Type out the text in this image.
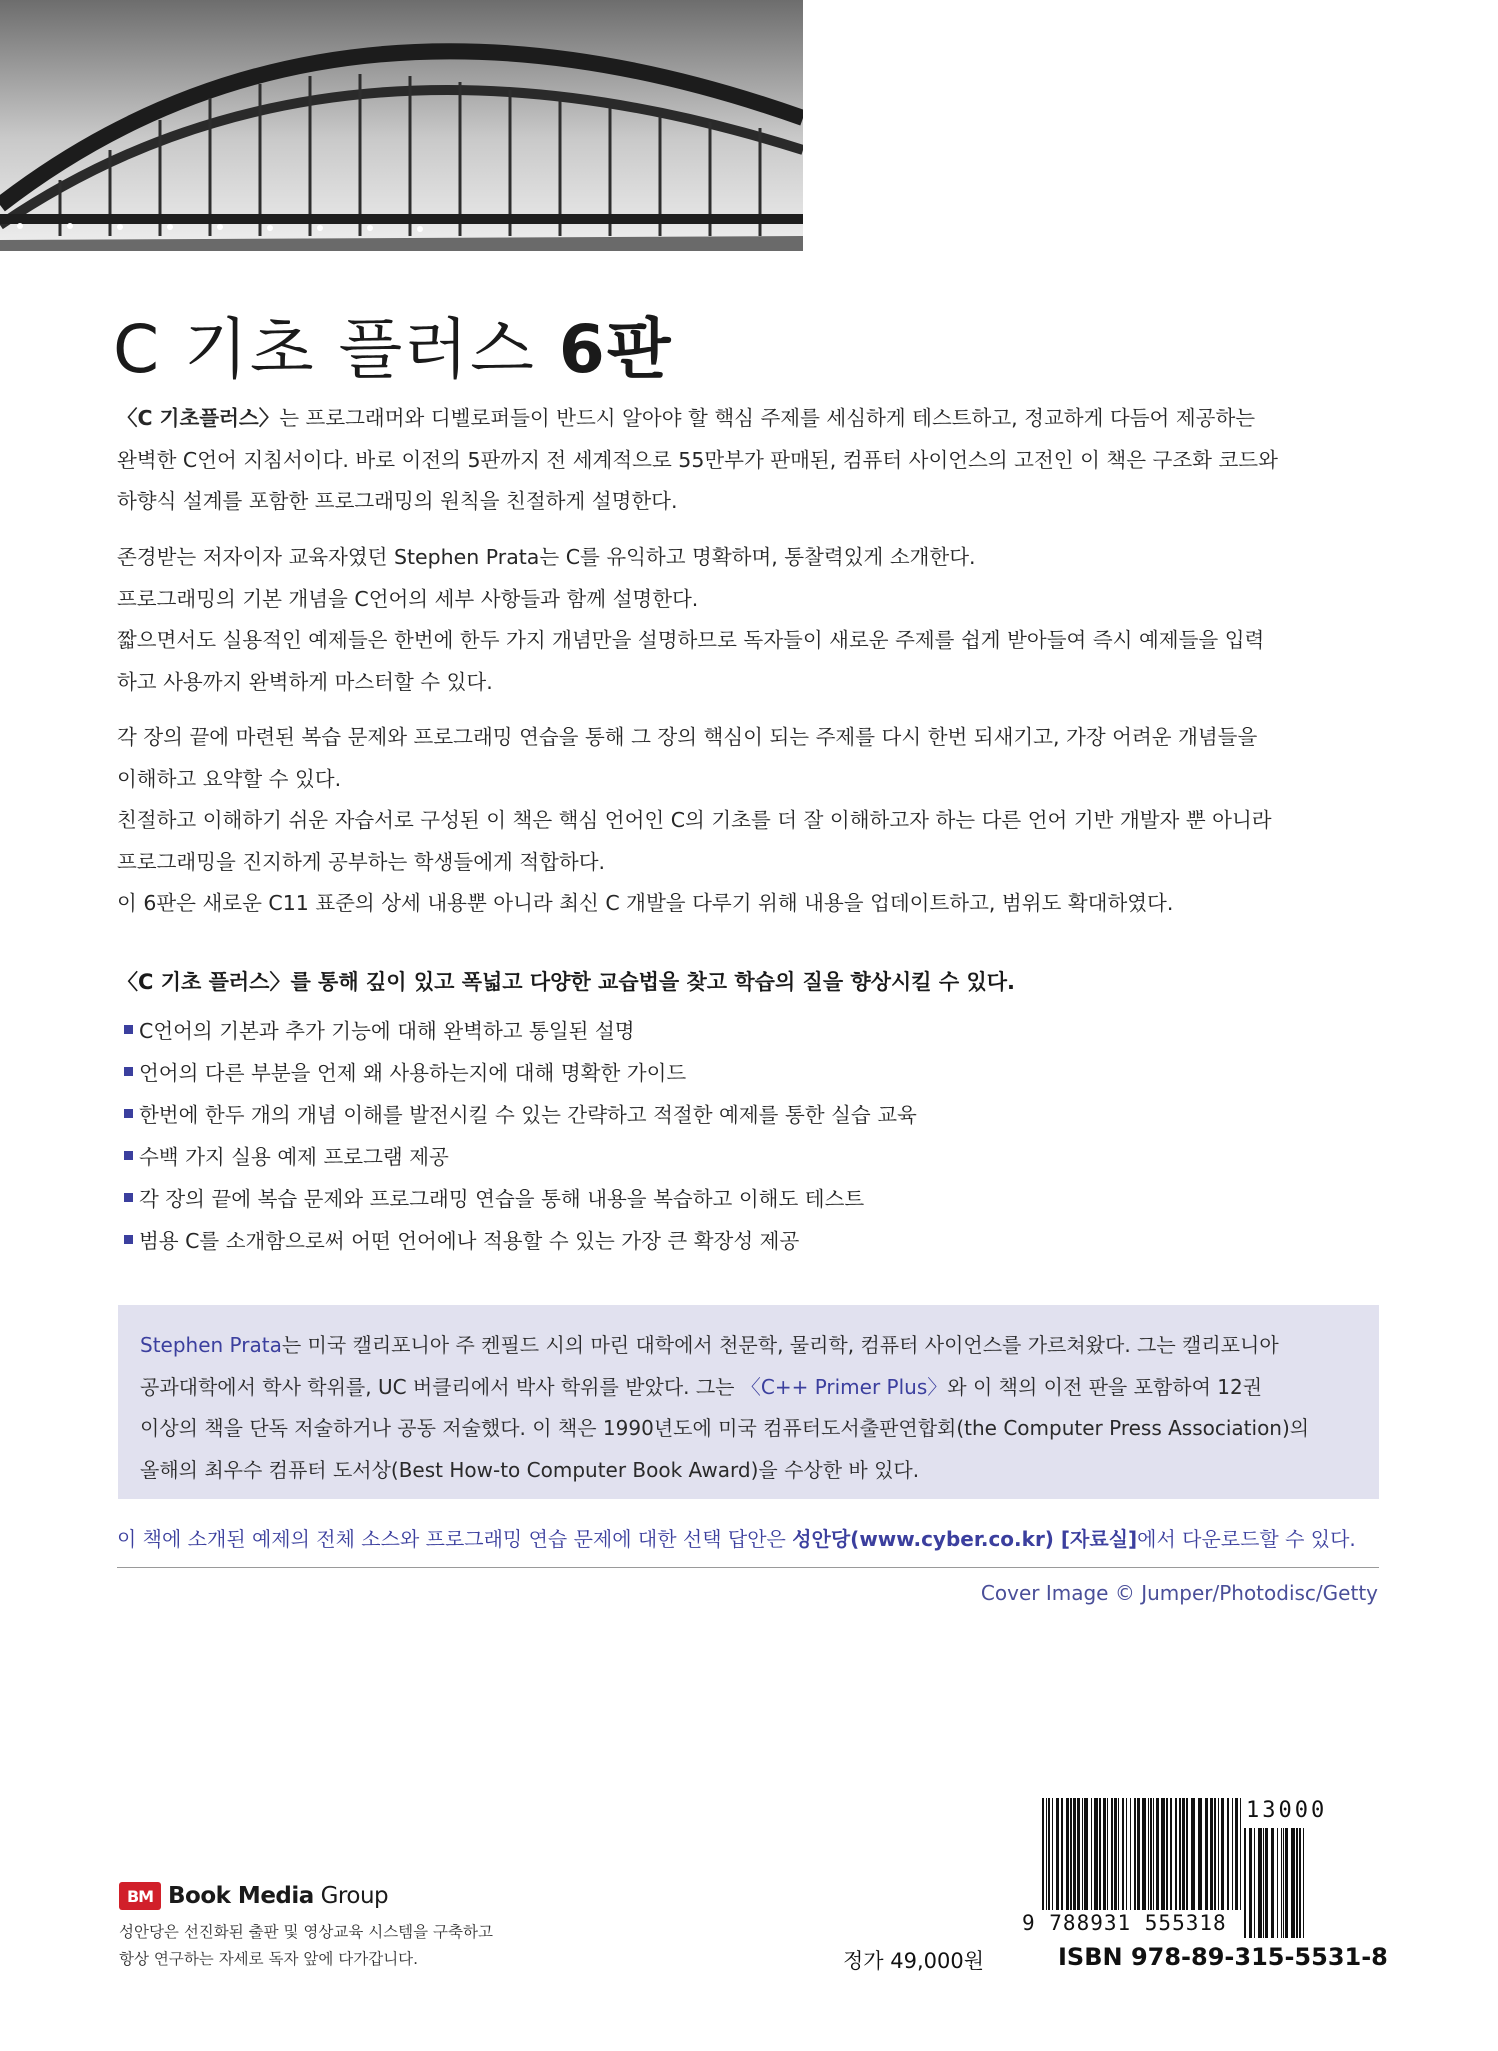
C 기초 플러스 6판

〈C 기초플러스〉는 프로그래머와 디벨로퍼들이 반드시 알아야 할 핵심 주제를 세심하게 테스트하고, 정교하게 다듬어 제공하는

완벽한 C언어 지침서이다. 바로 이전의 5판까지 전 세계적으로 55만부가 판매된, 컴퓨터 사이언스의 고전인 이 책은 구조화 코드와

하향식 설계를 포함한 프로그래밍의 원칙을 친절하게 설명한다.

존경받는 저자이자 교육자였던 Stephen Prata는 C를 유익하고 명확하며, 통찰력있게 소개한다.

프로그래밍의 기본 개념을 C언어의 세부 사항들과 함께 설명한다.

짧으면서도 실용적인 예제들은 한번에 한두 가지 개념만을 설명하므로 독자들이 새로운 주제를 쉽게 받아들여 즉시 예제들을 입력

하고 사용까지 완벽하게 마스터할 수 있다.

각 장의 끝에 마련된 복습 문제와 프로그래밍 연습을 통해 그 장의 핵심이 되는 주제를 다시 한번 되새기고, 가장 어려운 개념들을

이해하고 요약할 수 있다.

친절하고 이해하기 쉬운 자습서로 구성된 이 책은 핵심 언어인 C의 기초를 더 잘 이해하고자 하는 다른 언어 기반 개발자 뿐 아니라

프로그래밍을 진지하게 공부하는 학생들에게 적합하다.

이 6판은 새로운 C11 표준의 상세 내용뿐 아니라 최신 C 개발을 다루기 위해 내용을 업데이트하고, 범위도 확대하였다.

〈C 기초 플러스〉를 통해 깊이 있고 폭넓고 다양한 교습법을 찾고 학습의 질을 향상시킬 수 있다.

C언어의 기본과 추가 기능에 대해 완벽하고 통일된 설명
언어의 다른 부분을 언제 왜 사용하는지에 대해 명확한 가이드
한번에 한두 개의 개념 이해를 발전시킬 수 있는 간략하고 적절한 예제를 통한 실습 교육
수백 가지 실용 예제 프로그램 제공
각 장의 끝에 복습 문제와 프로그래밍 연습을 통해 내용을 복습하고 이해도 테스트
범용 C를 소개함으로써 어떤 언어에나 적용할 수 있는 가장 큰 확장성 제공

Stephen Prata는 미국 캘리포니아 주 켄필드 시의 마린 대학에서 천문학, 물리학, 컴퓨터 사이언스를 가르쳐왔다. 그는 캘리포니아

공과대학에서 학사 학위를, UC 버클리에서 박사 학위를 받았다. 그는 〈C++ Primer Plus〉와 이 책의 이전 판을 포함하여 12권

이상의 책을 단독 저술하거나 공동 저술했다. 이 책은 1990년도에 미국 컴퓨터도서출판연합회(the Computer Press Association)의

올해의 최우수 컴퓨터 도서상(Best How-to Computer Book Award)을 수상한 바 있다.

이 책에 소개된 예제의 전체 소스와 프로그래밍 연습 문제에 대한 선택 답안은 성안당(www.cyber.co.kr) [자료실]에서 다운로드할 수 있다.

Cover Image © Jumper/Photodisc/Getty

13000

9 788931 555318

ISBN 978-89-315-5531-8

정가 49,000원

BM Book Media Group

성안당은 선진화된 출판 및 영상교육 시스템을 구축하고

항상 연구하는 자세로 독자 앞에 다가갑니다.
